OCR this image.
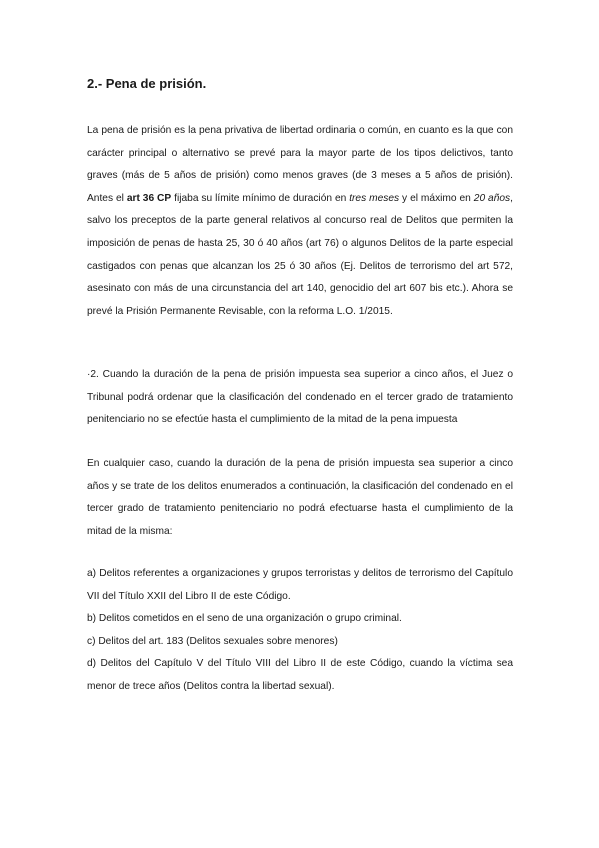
2.- Pena de prisión.

La pena de prisión es la pena privativa de libertad ordinaria o común, en cuanto es la que con carácter principal o alternativo se prevé para la mayor parte de los tipos delictivos, tanto graves (más de 5 años de prisión) como menos graves (de 3 meses a 5 años de prisión). Antes el art 36 CP fijaba su límite mínimo de duración en tres meses y el máximo en 20 años, salvo los preceptos de la parte general relativos al concurso real de Delitos que permiten la imposición de penas de hasta 25, 30 ó 40 años (art 76) o algunos Delitos de la parte especial castigados con penas que alcanzan los 25 ó 30 años (Ej. Delitos de terrorismo del art 572, asesinato con más de una circunstancia del art 140, genocidio del art 607 bis etc.). Ahora se prevé la Prisión Permanente Revisable, con la reforma L.O. 1/2015.

·2. Cuando la duración de la pena de prisión impuesta sea superior a cinco años, el Juez o Tribunal podrá ordenar que la clasificación del condenado en el tercer grado de tratamiento penitenciario no se efectúe hasta el cumplimiento de la mitad de la pena impuesta

En cualquier caso, cuando la duración de la pena de prisión impuesta sea superior a cinco años y se trate de los delitos enumerados a continuación, la clasificación del condenado en el tercer grado de tratamiento penitenciario no podrá efectuarse hasta el cumplimiento de la mitad de la misma:

a) Delitos referentes a organizaciones y grupos terroristas y delitos de terrorismo del Capítulo VII del Título XXII del Libro II de este Código.
b) Delitos cometidos en el seno de una organización o grupo criminal.
c) Delitos del art. 183 (Delitos sexuales sobre menores)
d) Delitos del Capítulo V del Título VIII del Libro II de este Código, cuando la víctima sea menor de trece años (Delitos contra la libertad sexual).
